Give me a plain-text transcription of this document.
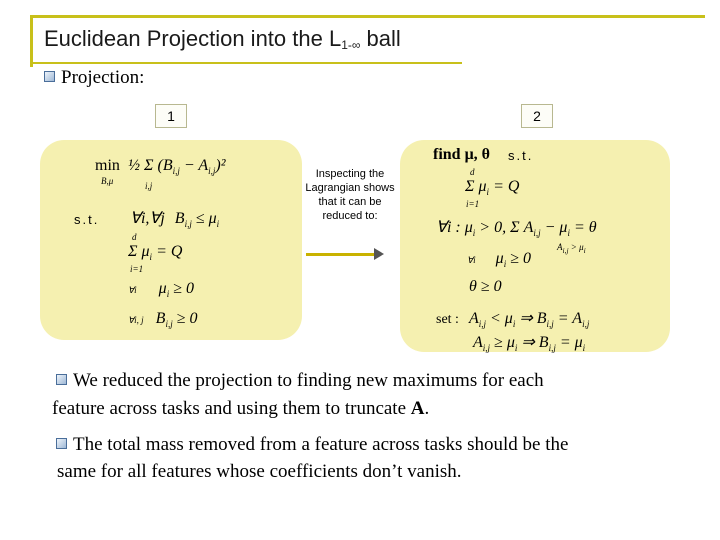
Euclidean Projection into the $L_{1-\infty}$ ball
Projection:
1	2
min
B,μ
½ Σ $(B_{i,j} - A_{i,j})^2$
i,j
s.t. ∀i,∀j $B_{i,j} \le \mu_i$
d
Σ $\mu_i = Q$
i=1
∀i $\mu_i \ge 0$
∀i, j $B_{i,j} \ge 0$
Inspecting the Lagrangian shows that it can be reduced to:
find μ, θ s.t.
d
Σ $\mu_i = Q$
i=1
∀i : $\mu_i > 0$, Σ $A_{i,j} - \mu_i = \theta$
$A_{i,j} > \mu_i$
∀i $\mu_i \ge 0$
θ ≥ 0
set : $A_{i,j} < \mu_i$ ⇒ $B_{i,j} = A_{i,j}$
$A_{i,j} \ge \mu_i$ ⇒ $B_{i,j} = \mu_i$
We reduced the projection to finding new maximums for each
feature across tasks and using them to truncate A.
The total mass removed from a feature across tasks should be the
same for all features whose coefficients don’t vanish.
